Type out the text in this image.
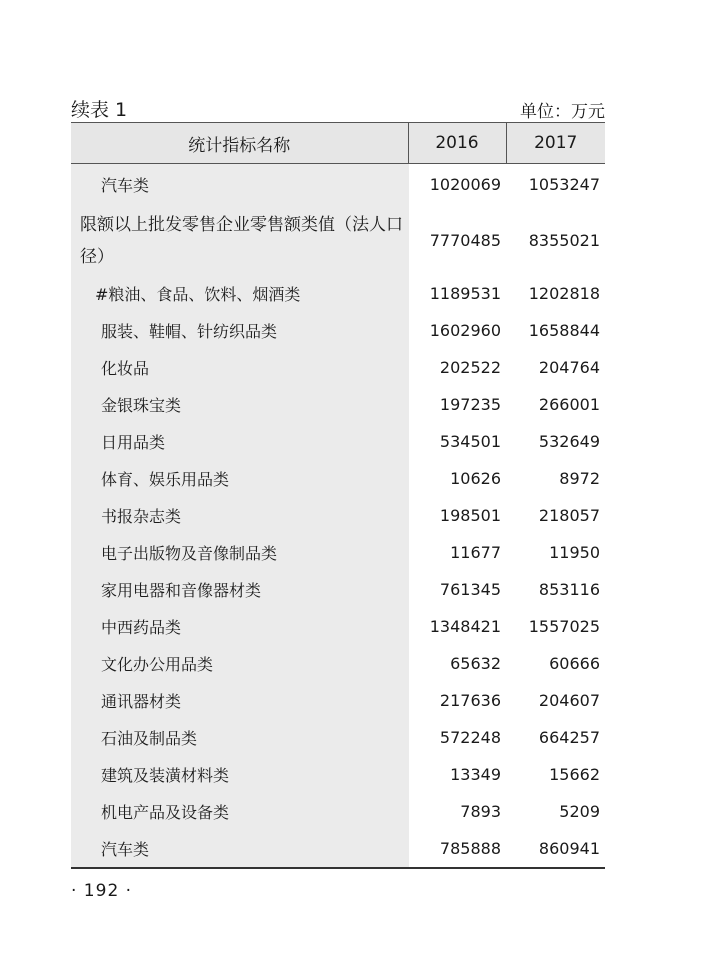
续表 1	单位：万元
统计指标名称	2016	2017

汽车类	1020069	1053247

限额以上批发零售企业零售额类值（法人口径）	7770485	8355021

#粮油、食品、饮料、烟酒类	1189531	1202818

服装、鞋帽、针纺织品类	1602960	1658844

化妆品	202522	204764

金银珠宝类	197235	266001

日用品类	534501	532649

体育、娱乐用品类	10626	8972

书报杂志类	198501	218057

电子出版物及音像制品类	11677	11950

家用电器和音像器材类	761345	853116

中西药品类	1348421	1557025

文化办公用品类	65632	60666

通讯器材类	217636	204607

石油及制品类	572248	664257

建筑及装潢材料类	13349	15662

机电产品及设备类	7893	5209

汽车类	785888	860941
· 192 ·
